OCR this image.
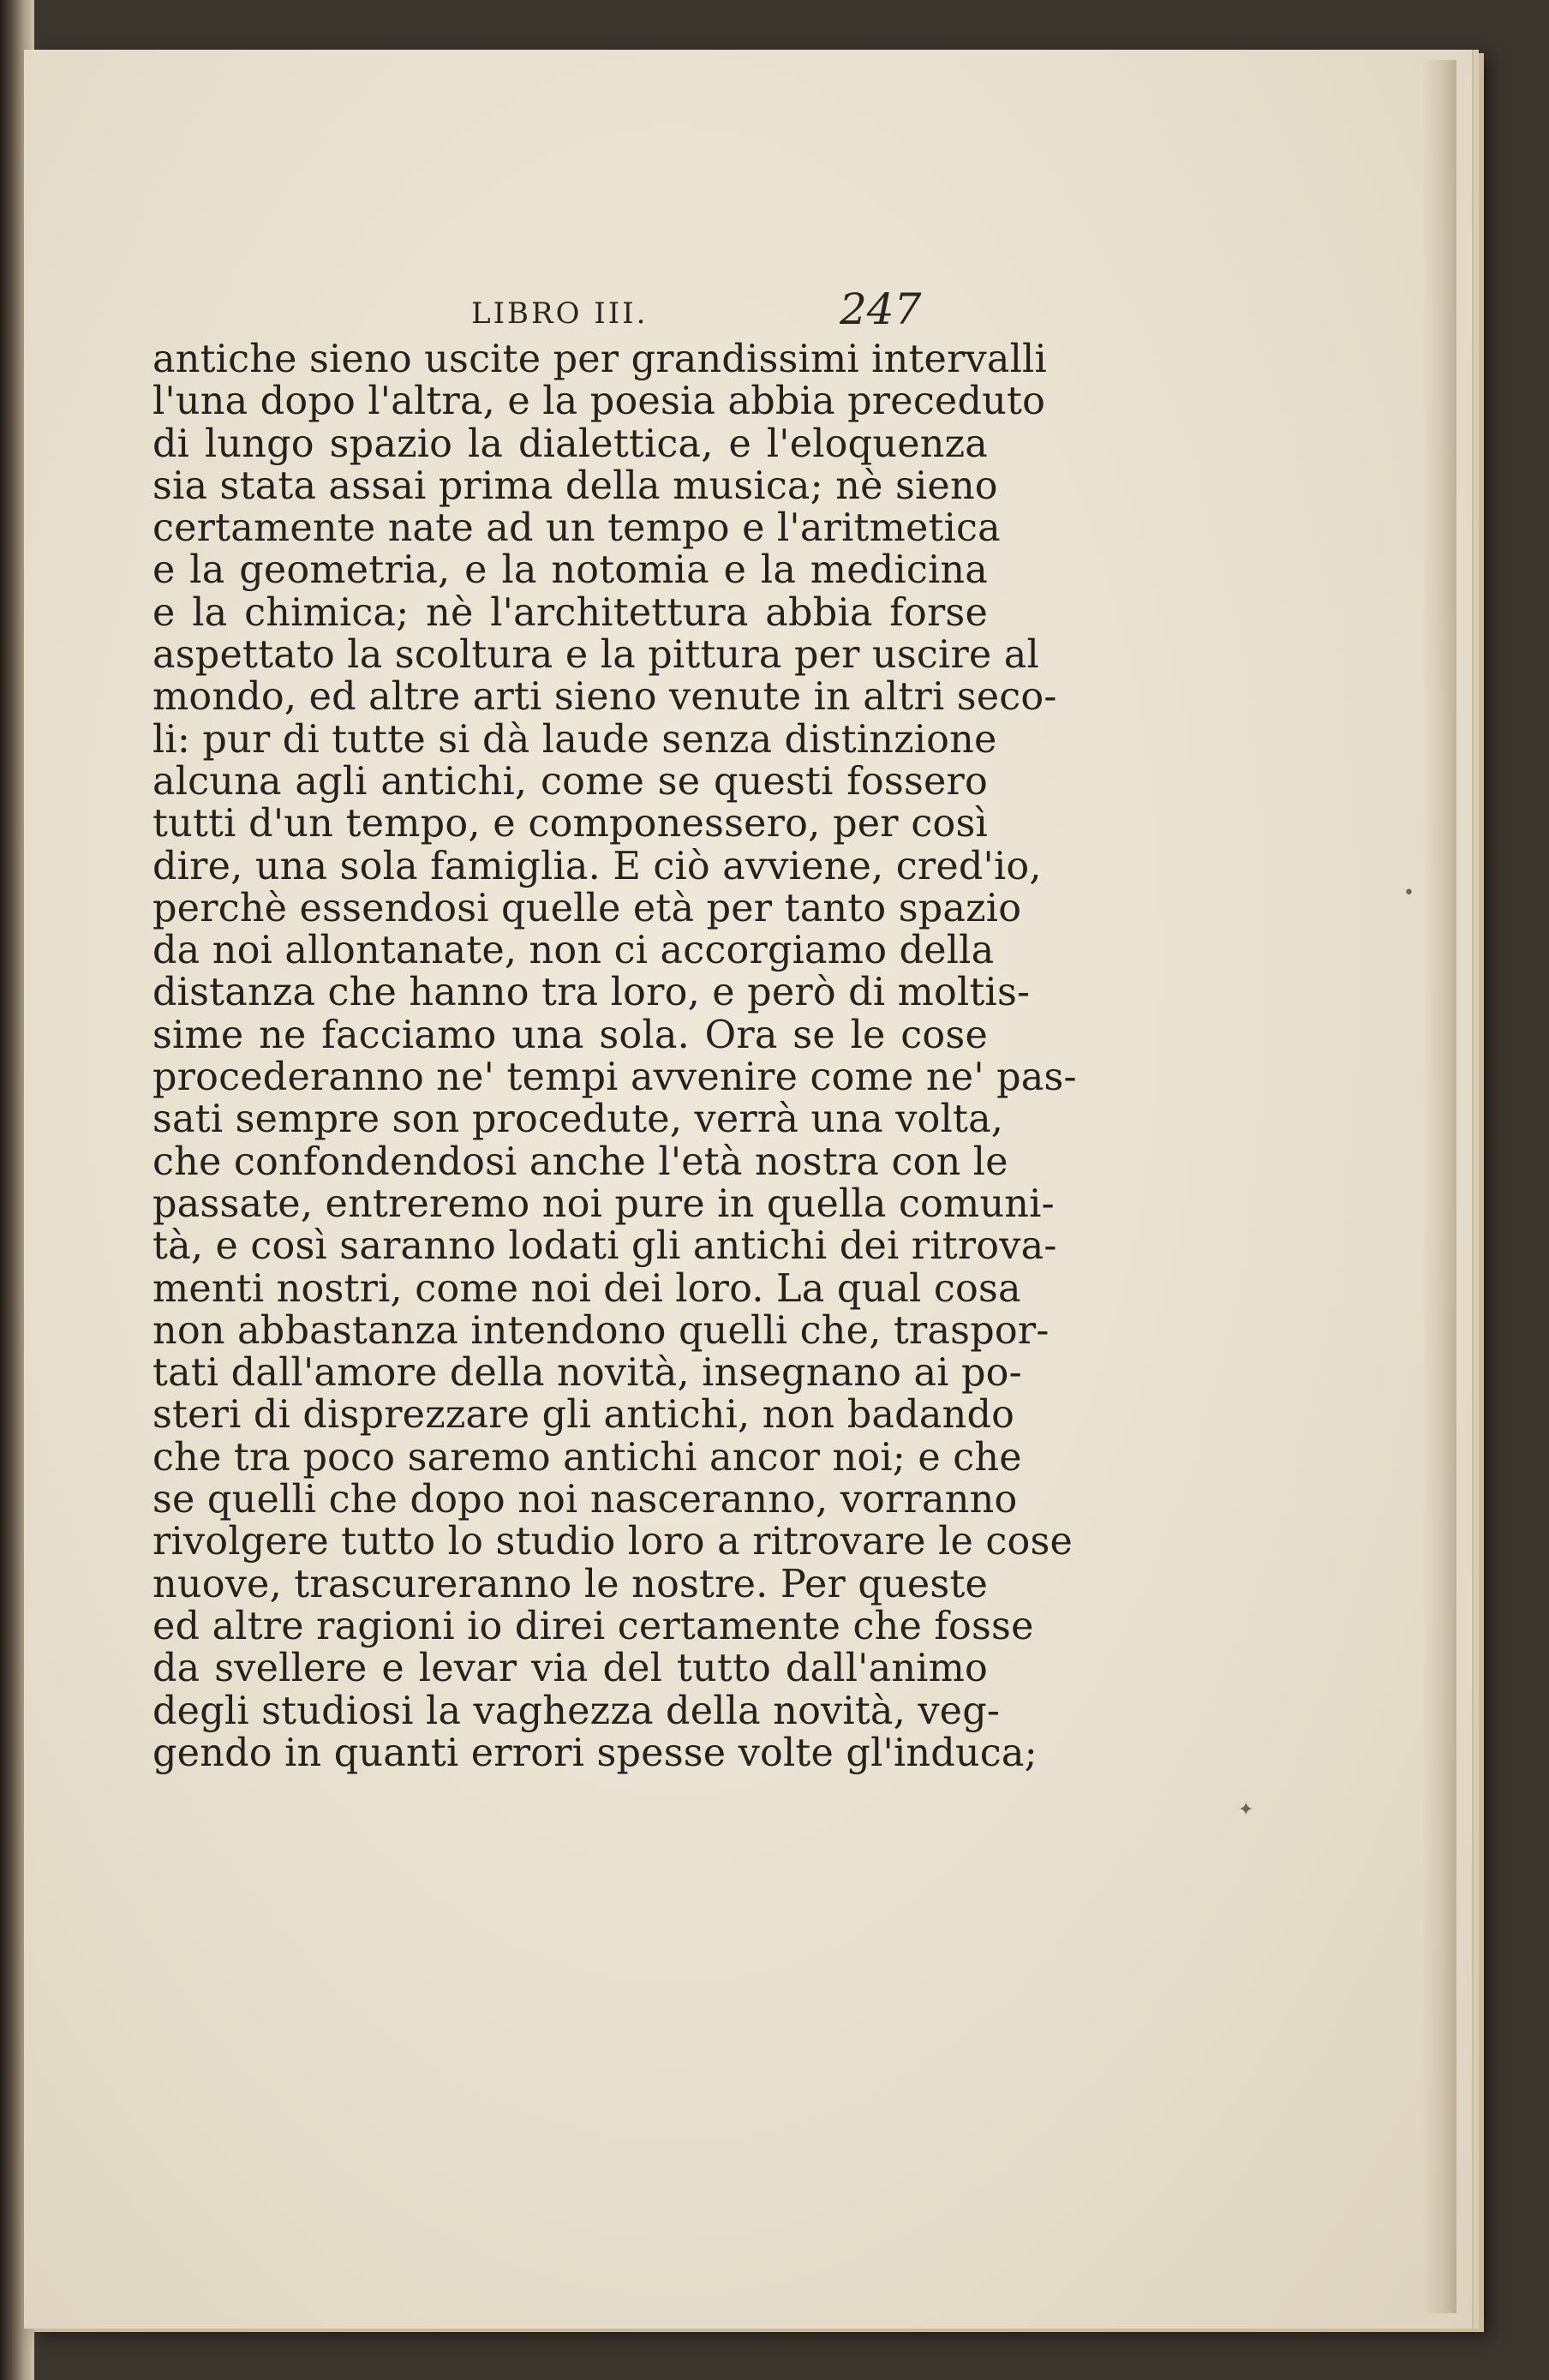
LIBRO III.	247
antiche sieno uscite per grandissimi intervalli
l'una dopo l'altra, e la poesia abbia preceduto
di lungo spazio la dialettica, e l'eloquenza
sia stata assai prima della musica; nè sieno
certamente nate ad un tempo e l'aritmetica
e la geometria, e la notomia e la medicina
e la chimica; nè l'architettura abbia forse
aspettato la scoltura e la pittura per uscire al
mondo, ed altre arti sieno venute in altri seco-
li: pur di tutte si dà laude senza distinzione
alcuna agli antichi, come se questi fossero
tutti d'un tempo, e componessero, per così
dire, una sola famiglia. E ciò avviene, cred'io,
perchè essendosi quelle età per tanto spazio
da noi allontanate, non ci accorgiamo della
distanza che hanno tra loro, e però di moltis-
sime ne facciamo una sola. Ora se le cose
procederanno ne' tempi avvenire come ne' pas-
sati sempre son procedute, verrà una volta,
che confondendosi anche l'età nostra con le
passate, entreremo noi pure in quella comuni-
tà, e così saranno lodati gli antichi dei ritrova-
menti nostri, come noi dei loro. La qual cosa
non abbastanza intendono quelli che, traspor-
tati dall'amore della novità, insegnano ai po-
steri di disprezzare gli antichi, non badando
che tra poco saremo antichi ancor noi; e che
se quelli che dopo noi nasceranno, vorranno
rivolgere tutto lo studio loro a ritrovare le cose
nuove, trascureranno le nostre. Per queste
ed altre ragioni io direi certamente che fosse
da svellere e levar via del tutto dall'animo
degli studiosi la vaghezza della novità, veg-
gendo in quanti errori spesse volte gl'induca;
•
✦
